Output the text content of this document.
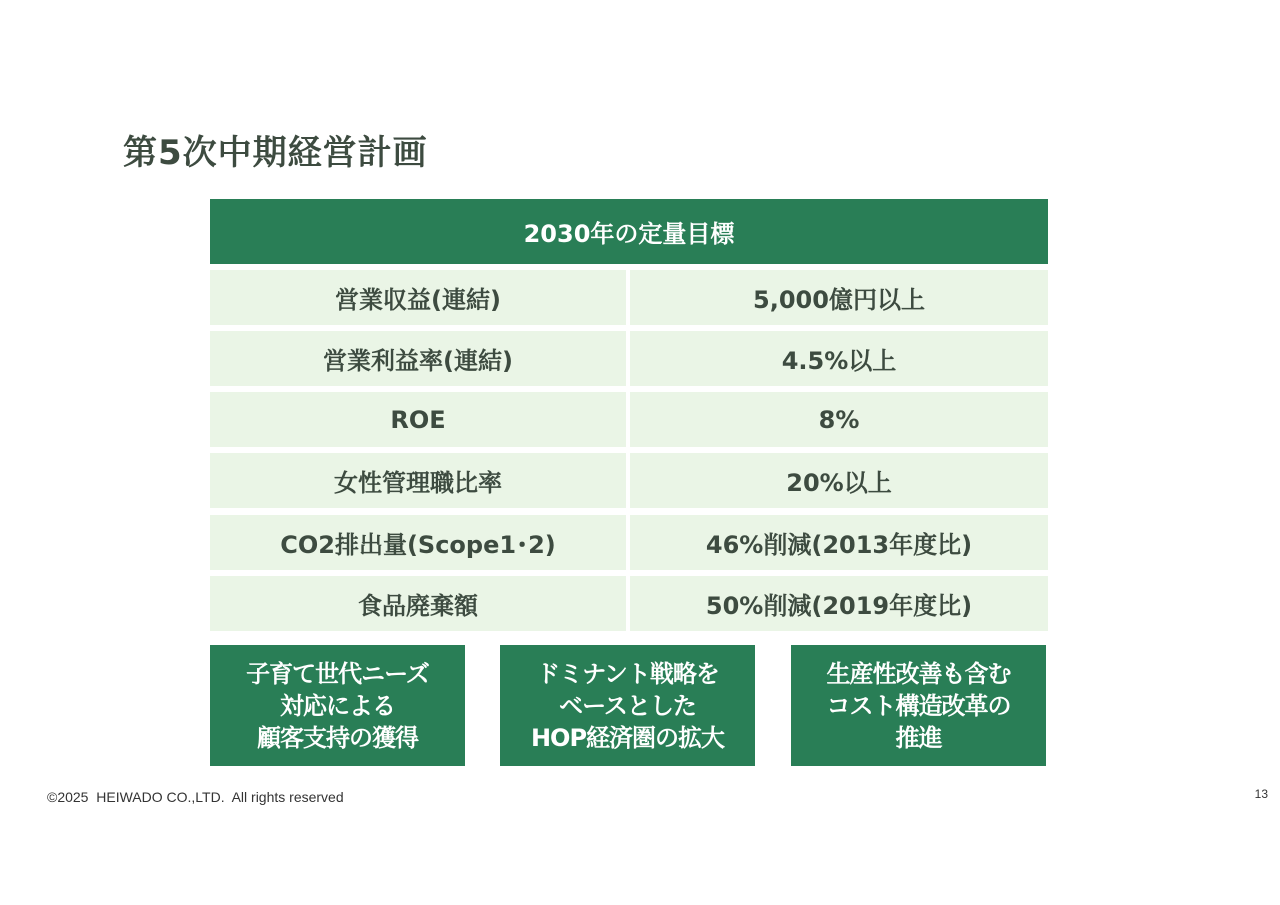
第5次中期経営計画
2030年の定量目標
営業収益(連結)	5,000億円以上
営業利益率(連結)	4.5%以上
ROE	8%
女性管理職比率	20%以上
CO2排出量(Scope1･2)	46%削減(2013年度比)
食品廃棄額	50%削減(2019年度比)
子育て世代ニーズ
対応による
顧客支持の獲得
ドミナント戦略を
ベースとした
HOP経済圏の拡大
生産性改善も含む
コスト構造改革の
推進
©2025  HEIWADO CO.,LTD.  All rights reserved	13
